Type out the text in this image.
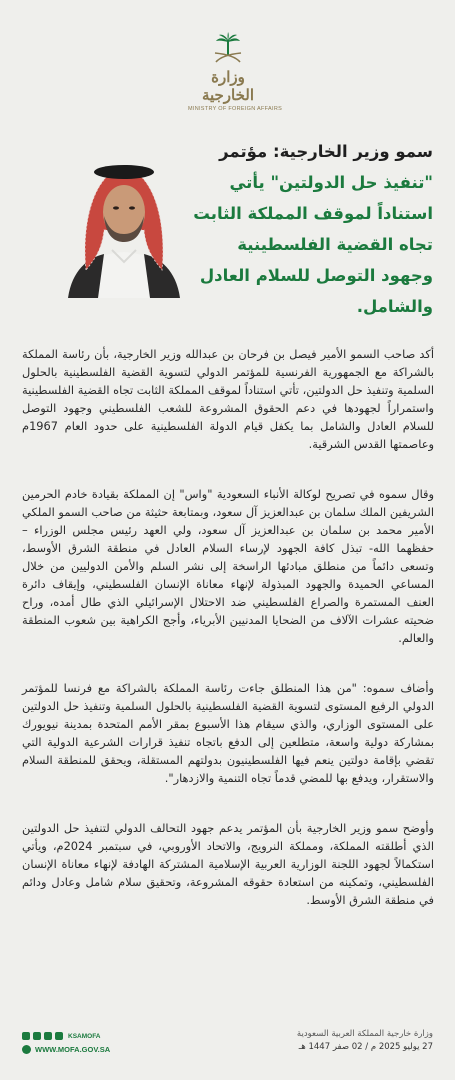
وزارة الخارجية
MINISTRY OF FOREIGN AFFAIRS
سمو وزير الخارجية: مؤتمر "تنفيذ حل الدولتين" يأتي استناداً لموقف المملكة الثابت تجاه القضية الفلسطينية وجهود التوصل للسلام العادل والشامل.

أكد صاحب السمو الأمير فيصل بن فرحان بن عبدالله وزير الخارجية، بأن رئاسة المملكة بالشراكة مع الجمهورية الفرنسية للمؤتمر الدولي لتسوية القضية الفلسطينية بالحلول السلمية وتنفيذ حل الدولتين، تأتي استناداً لموقف المملكة الثابت تجاه القضية الفلسطينية واستمراراً لجهودها في دعم الحقوق المشروعة للشعب الفلسطيني وجهود التوصل للسلام العادل والشامل بما يكفل قيام الدولة الفلسطينية على حدود العام 1967م وعاصمتها القدس الشرقية.

وقال سموه في تصريح لوكالة الأنباء السعودية "واس" إن المملكة بقيادة خادم الحرمين الشريفين الملك سلمان بن عبدالعزيز آل سعود، وبمتابعة حثيثة من صاحب السمو الملكي الأمير محمد بن سلمان بن عبدالعزيز آل سعود، ولي العهد رئيس مجلس الوزراء – حفظهما الله- تبذل كافة الجهود لإرساء السلام العادل في منطقة الشرق الأوسط، وتسعى دائماً من منطلق مبادئها الراسخة إلى نشر السلم والأمن الدوليين من خلال المساعي الحميدة والجهود المبذولة لإنهاء معاناة الإنسان الفلسطيني، وإيقاف دائرة العنف المستمرة والصراع الفلسطيني ضد الاحتلال الإسرائيلي الذي طال أمده، وراح ضحيته عشرات الآلاف من الضحايا المدنيين الأبرياء، وأجج الكراهية بين شعوب المنطقة والعالم.

وأضاف سموه: "من هذا المنطلق جاءت رئاسة المملكة بالشراكة مع فرنسا للمؤتمر الدولي الرفيع المستوى لتسوية القضية الفلسطينية بالحلول السلمية وتنفيذ حل الدولتين على المستوى الوزاري، والذي سيقام هذا الأسبوع بمقر الأمم المتحدة بمدينة نيويورك بمشاركة دولية واسعة، متطلعين إلى الدفع باتجاه تنفيذ قرارات الشرعية الدولية التي تقضي بإقامة دولتين ينعم فيها الفلسطينيون بدولتهم المستقلة، ويحقق للمنطقة السلام والاستقرار، ويدفع بها للمضي قدماً تجاه التنمية والازدهار".

وأوضح سمو وزير الخارجية بأن المؤتمر يدعم جهود التحالف الدولي لتنفيذ حل الدولتين الذي أطلقته المملكة، ومملكة النرويج، والاتحاد الأوروبي، في سبتمبر 2024م، ويأتي استكمالاً لجهود اللجنة الوزارية العربية الإسلامية المشتركة الهادفة لإنهاء معاناة الإنسان الفلسطيني، وتمكينه من استعادة حقوقه المشروعة، وتحقيق سلام شامل وعادل ودائم في منطقة الشرق الأوسط.

KSAMOFA
WWW.MOFA.GOV.SA
وزارة خارجية المملكة العربية السعودية
27 يوليو 2025 م / 02 صفر 1447 هـ
